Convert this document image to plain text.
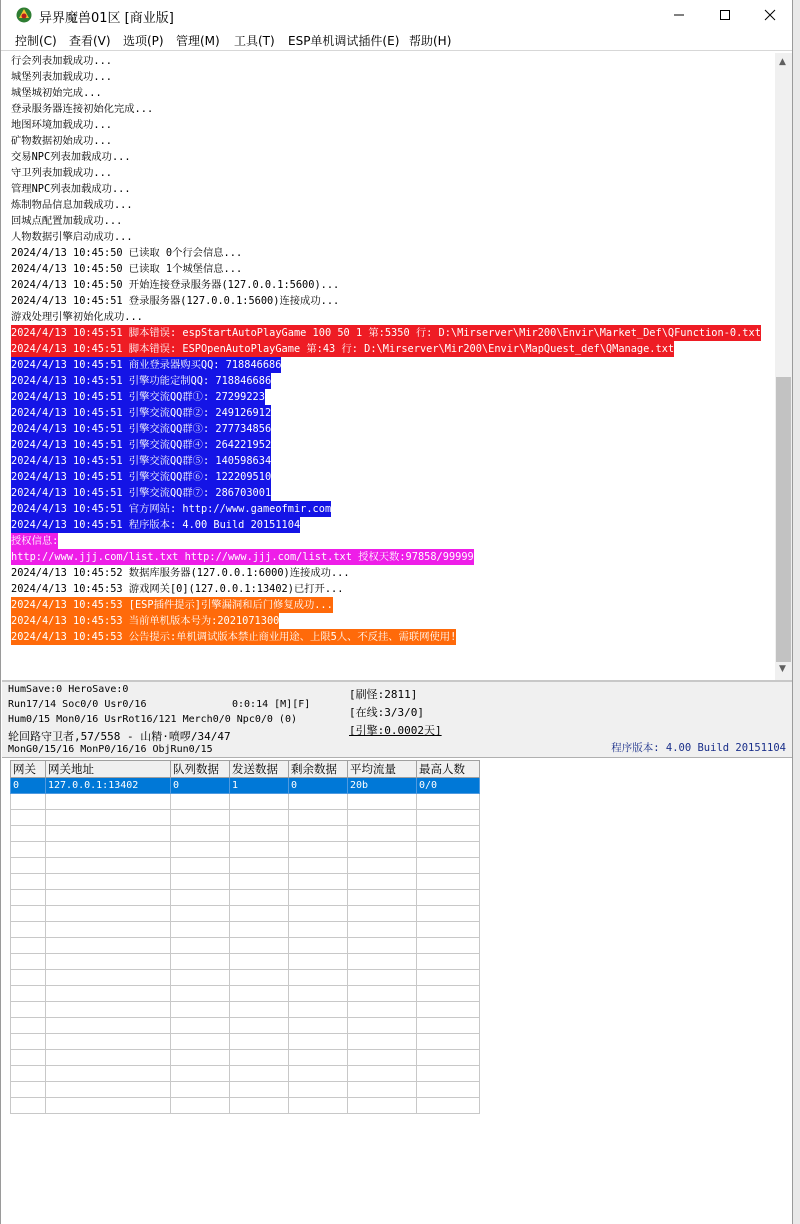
异界魔兽01区 [商业版]
控制(C) 查看(V) 选项(P) 管理(M) 工具(T) ESP单机调试插件(E) 帮助(H)
行会列表加载成功...
城堡列表加载成功...
城堡城初始完成...
登录服务器连接初始化完成...
地图环境加载成功...
矿物数据初始成功...
交易NPC列表加载成功...
守卫列表加载成功...
管理NPC列表加载成功...
炼制物品信息加载成功...
回城点配置加载成功...
人物数据引擎启动成功...
2024/4/13 10:45:50 已读取 0个行会信息...
2024/4/13 10:45:50 已读取 1个城堡信息...
2024/4/13 10:45:50 开始连接登录服务器(127.0.0.1:5600)...
2024/4/13 10:45:51 登录服务器(127.0.0.1:5600)连接成功...
游戏处理引擎初始化成功...
2024/4/13 10:45:51 脚本错误: espStartAutoPlayGame 100 50 1 第:5350 行: D:\Mirserver\Mir200\Envir\Market_Def\QFunction-0.txt
2024/4/13 10:45:51 脚本错误: ESPOpenAutoPlayGame 第:43 行: D:\Mirserver\Mir200\Envir\MapQuest_def\QManage.txt
2024/4/13 10:45:51 商业登录器购买QQ: 718846686
2024/4/13 10:45:51 引擎功能定制QQ: 718846686
2024/4/13 10:45:51 引擎交流QQ群①: 27299223
2024/4/13 10:45:51 引擎交流QQ群②: 249126912
2024/4/13 10:45:51 引擎交流QQ群③: 277734856
2024/4/13 10:45:51 引擎交流QQ群④: 264221952
2024/4/13 10:45:51 引擎交流QQ群⑤: 140598634
2024/4/13 10:45:51 引擎交流QQ群⑥: 122209510
2024/4/13 10:45:51 引擎交流QQ群⑦: 286703001
2024/4/13 10:45:51 官方网站: http://www.gameofmir.com
2024/4/13 10:45:51 程序版本: 4.00 Build 20151104
授权信息:
http://www.jjj.com/list.txt http://www.jjj.com/list.txt 授权天数:97858/99999
2024/4/13 10:45:52 数据库服务器(127.0.0.1:6000)连接成功...
2024/4/13 10:45:53 游戏网关[0](127.0.0.1:13402)已打开...
2024/4/13 10:45:53 [ESP插件提示]引擎漏洞和后门修复成功...
2024/4/13 10:45:53 当前单机版本号为:2021071300
2024/4/13 10:45:53 公告提示:单机调试版本禁止商业用途、上限5人、不反挂、需联网使用!
▲
▼
HumSave:0 HeroSave:0
Run17/14 Soc0/0 Usr0/16	0:0:14 [M][F]
Hum0/15 Mon0/16 UsrRot16/121 Merch0/0 Npc0/0 (0)
轮回路守卫者,57/558 - 山精·喷啰/34/47
MonG0/15/16 MonP0/16/16 ObjRun0/15
[刷怪:2811]
[在线:3/3/0]
[引擎:0.0002天]
程序版本: 4.00 Build 20151104
网关	网关地址	队列数据	发送数据	剩余数据	平均流量	最高人数
0	127.0.0.1:13402	0	1	0	20b	0/0
